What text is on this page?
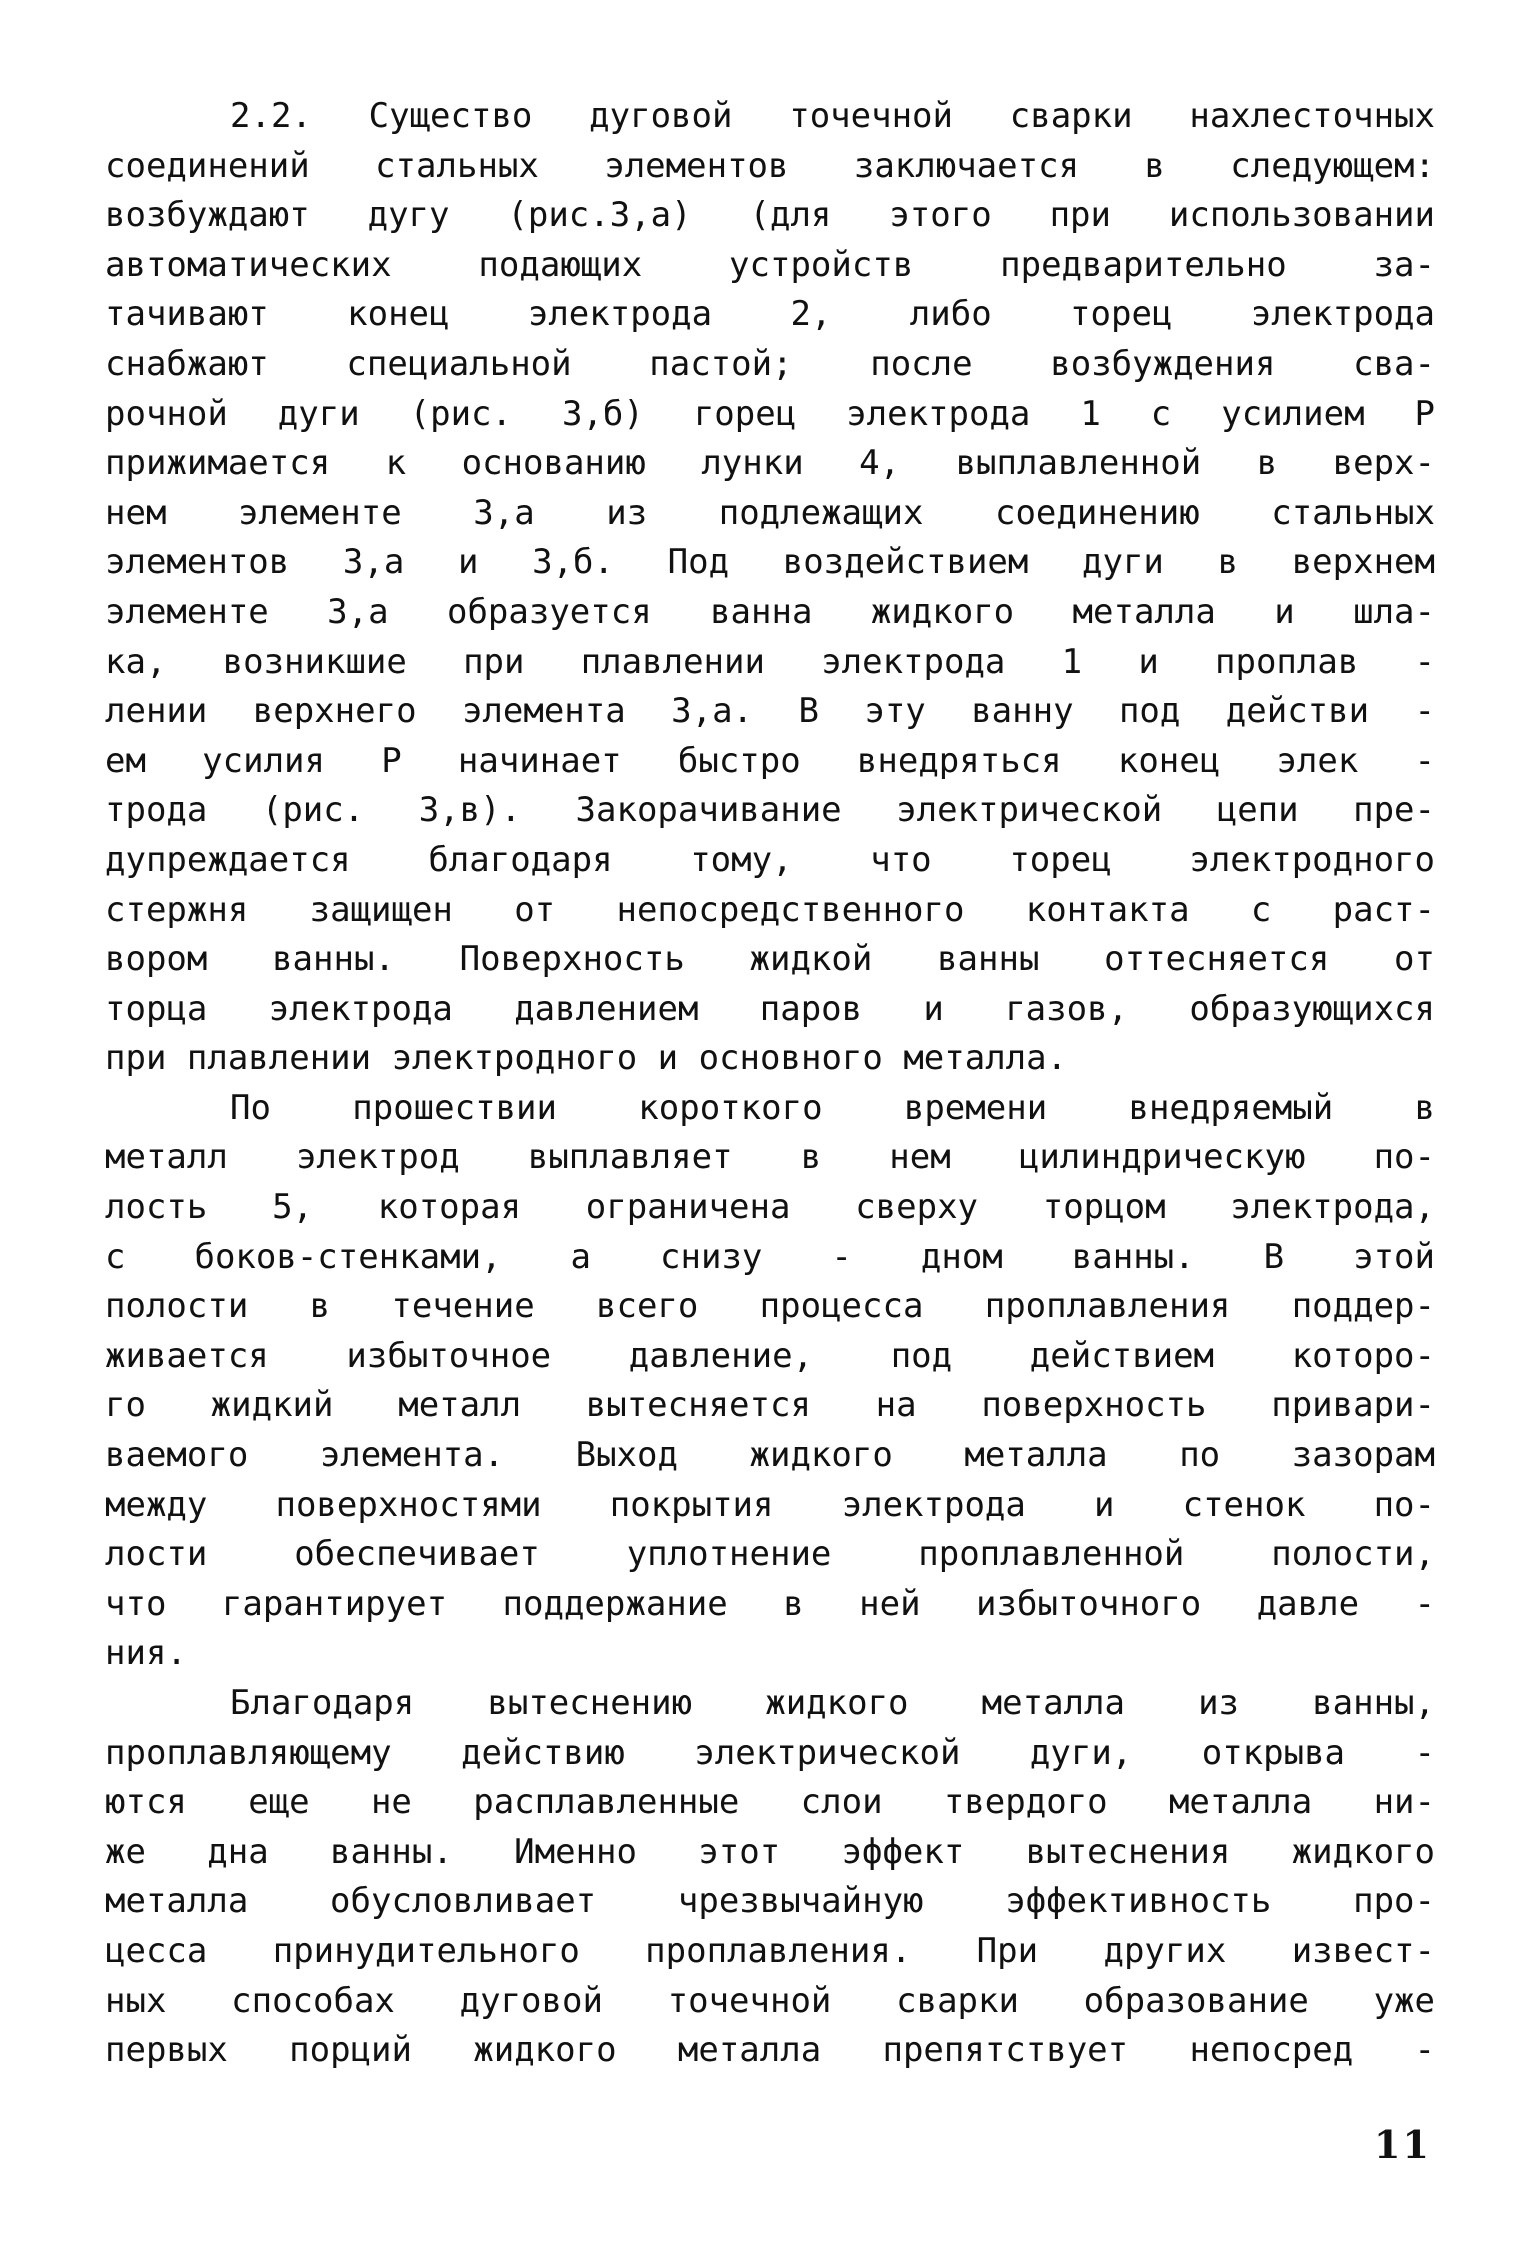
2.2. Существо дуговой точечной сварки нахлесточных
соединений стальных элементов заключается в следующем:
возбуждают дугу (рис.3,а) (для этого при использовании
автоматических подающих устройств предварительно за-
тачивают конец электрода 2, либо торец электрода
снабжают специальной пастой; после возбуждения сва-
рочной дуги (рис. 3,б) горец электрода 1 с усилием Р
прижимается к основанию лунки 4, выплавленной в верх-
нем элементе 3,а из подлежащих соединению стальных
элементов 3,а и 3,б. Под воздействием дуги в верхнем
элементе 3,а образуется ванна жидкого металла и шла-
ка, возникшие при плавлении электрода 1 и проплав -
лении верхнего элемента 3,а. В эту ванну под действи -
ем усилия Р начинает быстро внедряться конец элек -
трода (рис. 3,в). Закорачивание электрической цепи пре-
дупреждается благодаря тому, что торец электродного
стержня защищен от непосредственного контакта с раст-
вором ванны. Поверхность жидкой ванны оттесняется от
торца электрода давлением паров и газов, образующихся
при плавлении электродного и основного металла.
По прошествии короткого времени внедряемый в
металл электрод выплавляет в нем цилиндрическую по-
лость 5, которая ограничена сверху торцом электрода,
с боков-стенками, а снизу - дном ванны. В этой
полости в течение всего процесса проплавления поддер-
живается избыточное давление, под действием которо-
го жидкий металл вытесняется на поверхность привари-
ваемого элемента. Выход жидкого металла по зазорам
между поверхностями покрытия электрода и стенок по-
лости обеспечивает уплотнение проплавленной полости,
что гарантирует поддержание в ней избыточного давле -
ния.
Благодаря вытеснению жидкого металла из ванны,
проплавляющему действию электрической дуги, открыва -
ются еще не расплавленные слои твердого металла ни-
же дна ванны. Именно этот эффект вытеснения жидкого
металла обусловливает чрезвычайную эффективность про-
цесса принудительного проплавления. При других извест-
ных способах дуговой точечной сварки образование уже
первых порций жидкого металла препятствует непосред -
11
